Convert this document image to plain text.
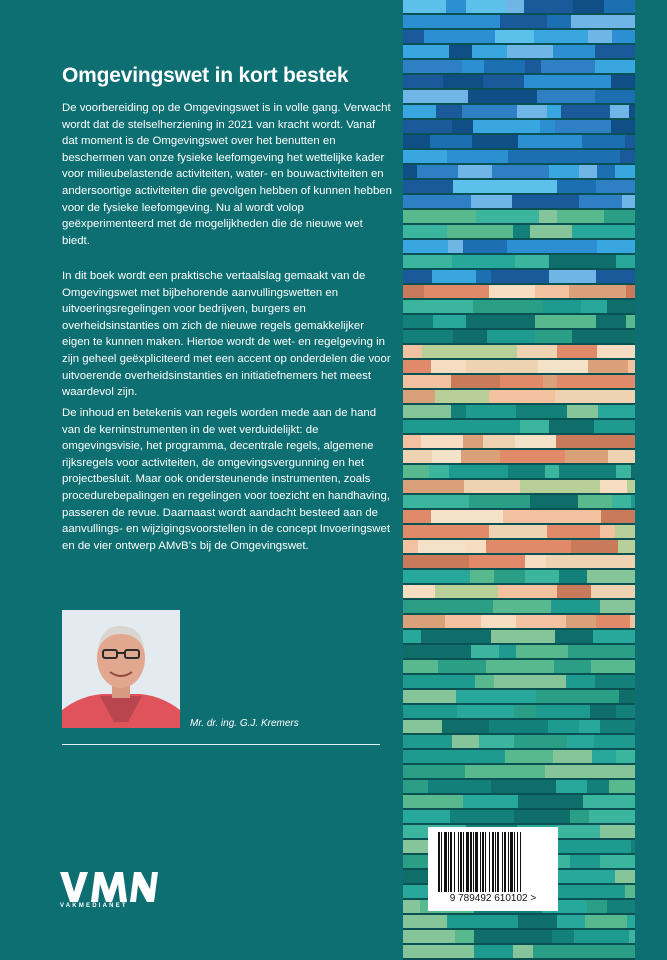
Omgevingswet in kort bestek

De voorbereiding op de Omgevingswet is in volle gang. Verwacht wordt dat de stelselherziening in 2021 van kracht wordt. Vanaf dat moment is de Omgevingswet over het benutten en beschermen van onze fysieke leefomgeving het wettelijke kader voor milieubelastende activiteiten, water- en bouwactiviteiten en andersoortige activiteiten die gevolgen hebben of kunnen hebben voor de fysieke leefomgeving. Nu al wordt volop geëxperimenteerd met de mogelijkheden die de nieuwe wet biedt.

In dit boek wordt een praktische vertaalslag gemaakt van de Omgevingswet met bijbehorende aanvullingswetten en uitvoeringsregelingen voor bedrijven, burgers en overheidsinstanties om zich de nieuwe regels gemakkelijker eigen te kunnen maken. Hiertoe wordt de wet- en regelgeving in zijn geheel geëxpliciteerd met een accent op onderdelen die voor uitvoerende overheidsinstanties en initiatiefnemers het meest waardevol zijn.

De inhoud en betekenis van regels worden mede aan de hand van de kerninstrumenten in de wet verduidelijkt: de omgevingsvisie, het programma, decentrale regels, algemene rijksregels voor activiteiten, de omgevingsvergunning en het projectbesluit. Maar ook ondersteunende instrumenten, zoals procedurebepalingen en regelingen voor toezicht en handhaving, passeren de revue. Daarnaast wordt aandacht besteed aan de aanvullings- en wijzigingsvoorstellen in de concept Invoeringswet en de vier ontwerp AMvB’s bij de Omgevingswet.

Mr. dr. ing. G.J. Kremers

VAKMEDIANET

9 789492 610102 >
